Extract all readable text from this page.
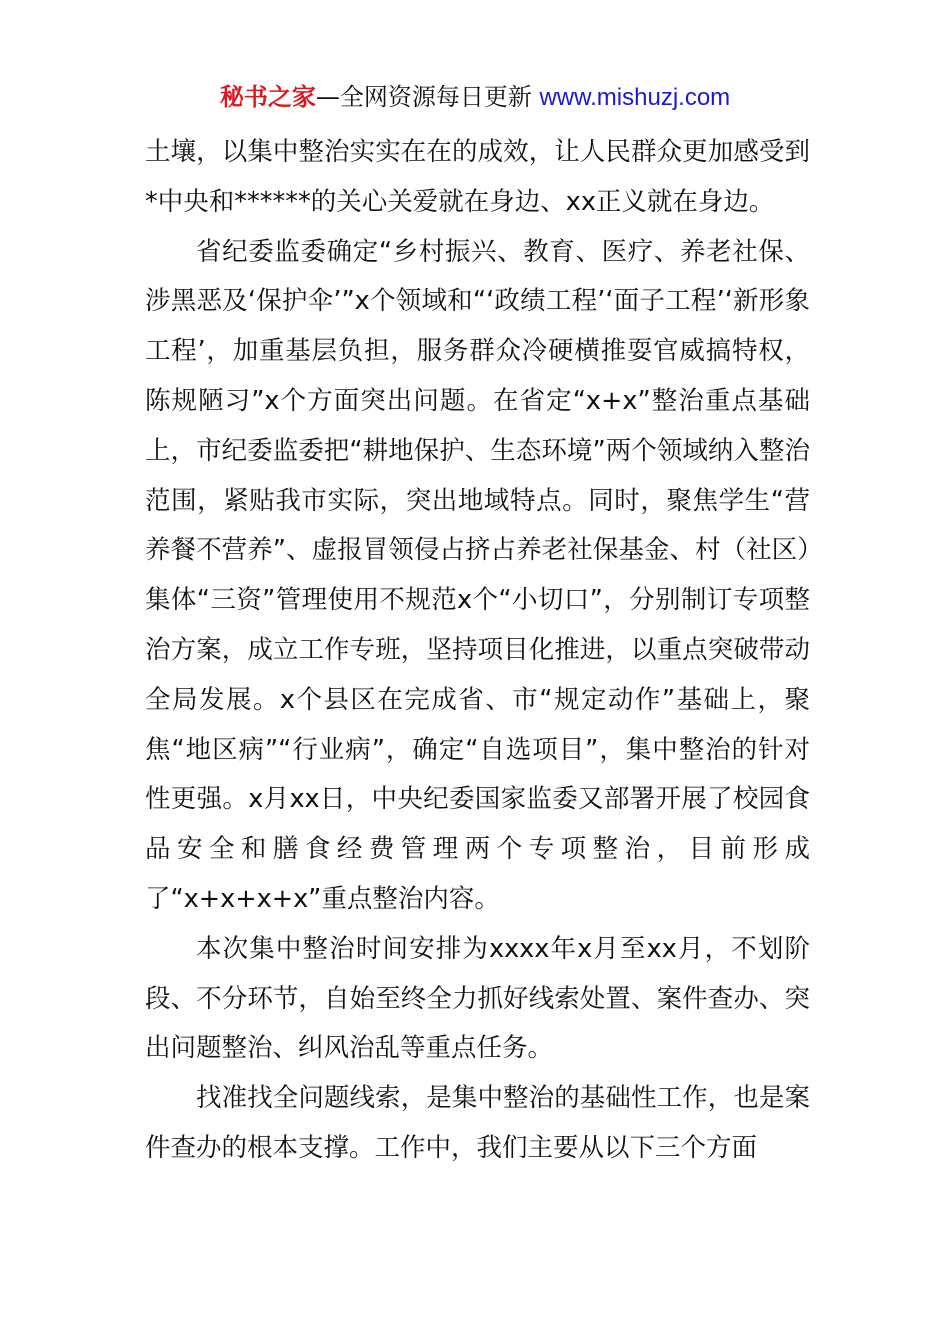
秘书之家—全网资源每日更新 www.mishuzj.com

土壤，以集中整治实实在在的成效，让人民群众更加感受到*中央和******的关心关爱就在身边、xx正义就在身边。

省纪委监委确定“乡村振兴、教育、医疗、养老社保、涉黑恶及‘保护伞’”x个领域和“‘政绩工程’‘面子工程’‘新形象工程’，加重基层负担，服务群众冷硬横推耍官威搞特权，陈规陋习”x个方面突出问题。在省定“x+x”整治重点基础上，市纪委监委把“耕地保护、生态环境”两个领域纳入整治范围，紧贴我市实际，突出地域特点。同时，聚焦学生“营养餐不营养”、虚报冒领侵占挤占养老社保基金、村（社区）集体“三资”管理使用不规范x个“小切口”，分别制订专项整治方案，成立工作专班，坚持项目化推进，以重点突破带动全局发展。x个县区在完成省、市“规定动作”基础上，聚焦“地区病”“行业病”，确定“自选项目”，集中整治的针对性更强。x月xx日，中央纪委国家监委又部署开展了校园食品安全和膳食经费管理两个专项整治，目前形成了“x+x+x+x”重点整治内容。

本次集中整治时间安排为xxxx年x月至xx月，不划阶段、不分环节，自始至终全力抓好线索处置、案件查办、突出问题整治、纠风治乱等重点任务。

找准找全问题线索，是集中整治的基础性工作，也是案件查办的根本支撑。工作中，我们主要从以下三个方面
